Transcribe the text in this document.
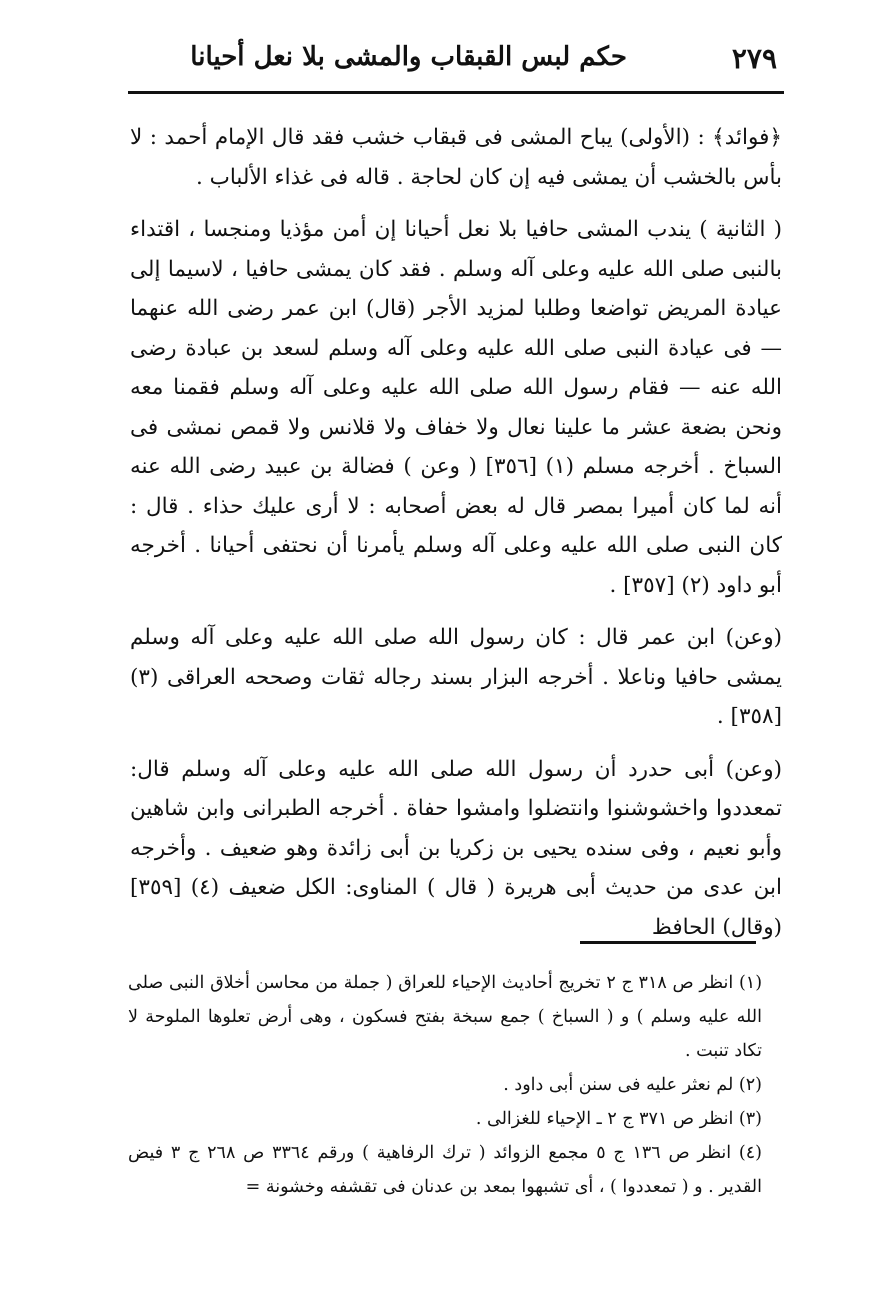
٢٧٩
حكم لبس القبقاب والمشى بلا نعل أحيانا

﴿فوائد﴾ : (الأولى) يباح المشى فى قبقاب خشب فقد قال الإمام أحمد : لا بأس بالخشب أن يمشى فيه إن كان لحاجة . قاله فى غذاء الألباب .

( الثانية ) يندب المشى حافيا بلا نعل أحيانا إن أمن مؤذيا ومنجسا ، اقتداء بالنبى صلى الله عليه وعلى آله وسلم . فقد كان يمشى حافيا ، لاسيما إلى عيادة المريض تواضعا وطلبا لمزيد الأجر (قال) ابن عمر رضى الله عنهما — فى عيادة النبى صلى الله عليه وعلى آله وسلم لسعد بن عبادة رضى الله عنه — فقام رسول الله صلى الله عليه وعلى آله وسلم فقمنا معه ونحن بضعة عشر ما علينا نعال ولا خفاف ولا قلانس ولا قمص نمشى فى السباخ . أخرجه مسلم (١) [٣٥٦] ( وعن ) فضالة بن عبيد رضى الله عنه أنه لما كان أميرا بمصر قال له بعض أصحابه : لا أرى عليك حذاء . قال : كان النبى صلى الله عليه وعلى آله وسلم يأمرنا أن نحتفى أحيانا . أخرجه أبو داود (٢) [٣٥٧] .

(وعن) ابن عمر قال : كان رسول الله صلى الله عليه وعلى آله وسلم يمشى حافيا وناعلا . أخرجه البزار بسند رجاله ثقات وصححه العراقى (٣) [٣٥٨] .

(وعن) أبى حدرد أن رسول الله صلى الله عليه وعلى آله وسلم قال: تمعددوا واخشوشنوا وانتضلوا وامشوا حفاة . أخرجه الطبرانى وابن شاهين وأبو نعيم ، وفى سنده يحيى بن زكريا بن أبى زائدة وهو ضعيف . وأخرجه ابن عدى من حديث أبى هريرة ( قال ) المناوى: الكل ضعيف (٤) [٣٥٩] (وقال) الحافظ

(١) انظر ص ٣١٨ ج ٢ تخريج أحاديث الإحياء للعراق ( جملة من محاسن أخلاق النبى صلى الله عليه وسلم ) و ( السباخ ) جمع سبخة بفتح فسكون ، وهى أرض تعلوها الملوحة لا تكاد تنبت .

(٢) لم نعثر عليه فى سنن أبى داود .

(٣) انظر ص ٣٧١ ج ٢ ـ الإحياء للغزالى .

(٤) انظر ص ١٣٦ ج ٥ مجمع الزوائد ( ترك الرفاهية ) ورقم ٣٣٦٤ ص ٢٦٨ ج ٣ فيض القدير . و ( تمعددوا ) ، أى تشبهوا بمعد بن عدنان فى تقشفه وخشونة =
